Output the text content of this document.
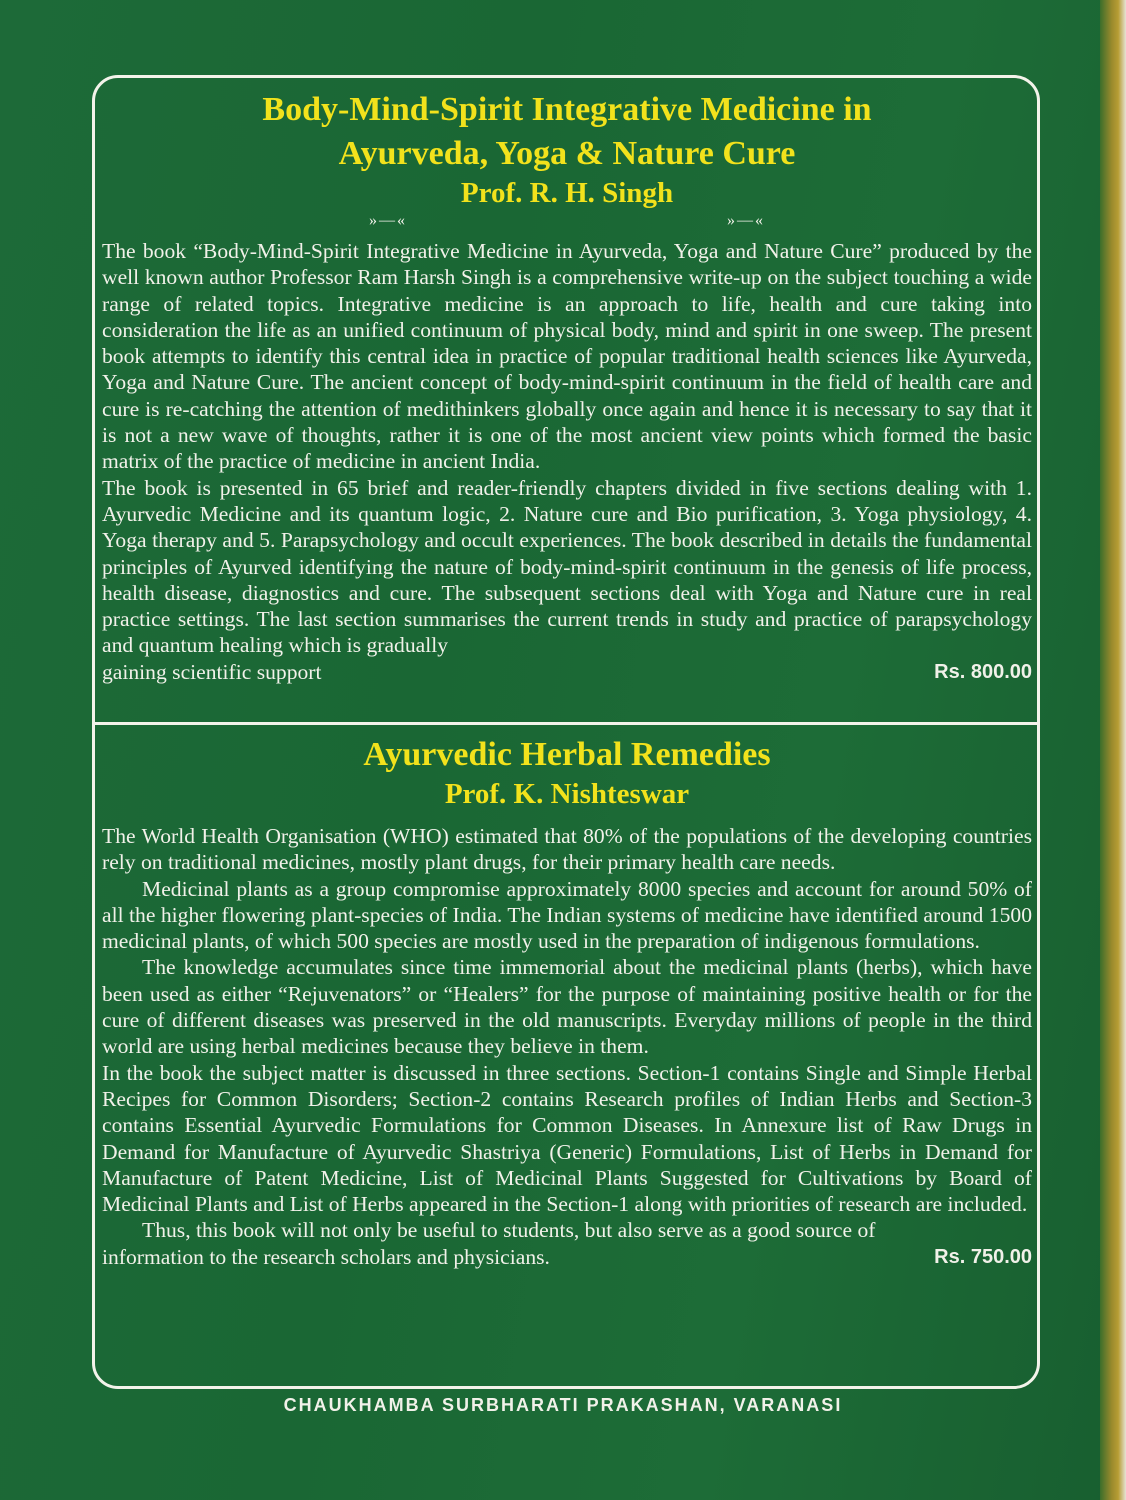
Body-Mind-Spirit Integrative Medicine in

Ayurveda, Yoga & Nature Cure

Prof. R. H. Singh

»—«	»—«

The book “Body-Mind-Spirit Integrative Medicine in Ayurveda, Yoga and Nature Cure” produced by the well known author Professor Ram Harsh Singh is a comprehensive write-up on the subject touching a wide range of related topics. Integrative medicine is an approach to life, health and cure taking into consideration the life as an unified continuum of physical body, mind and spirit in one sweep. The present book attempts to identify this central idea in practice of popular traditional health sciences like Ayurveda, Yoga and Nature Cure. The ancient concept of body-mind-spirit continuum in the field of health care and cure is re-catching the attention of medithinkers globally once again and hence it is necessary to say that it is not a new wave of thoughts, rather it is one of the most ancient view points which formed the basic matrix of the practice of medicine in ancient India.

The book is presented in 65 brief and reader-friendly chapters divided in five sections dealing with 1. Ayurvedic Medicine and its quantum logic, 2. Nature cure and Bio purification, 3. Yoga physiology, 4. Yoga therapy and 5. Parapsychology and occult experiences. The book described in details the fundamental principles of Ayurved identifying the nature of body-mind-spirit continuum in the genesis of life process, health disease, diagnostics and cure. The subsequent sections deal with Yoga and Nature cure in real practice settings. The last section summarises the current trends in study and practice of parapsychology and quantum healing which is gradually

gaining scientific support	Rs. 800.00

Ayurvedic Herbal Remedies

Prof. K. Nishteswar

The World Health Organisation (WHO) estimated that 80% of the populations of the developing countries rely on traditional medicines, mostly plant drugs, for their primary health care needs.

Medicinal plants as a group compromise approximately 8000 species and account for around 50% of all the higher flowering plant-species of India. The Indian systems of medicine have identified around 1500 medicinal plants, of which 500 species are mostly used in the preparation of indigenous formulations.

The knowledge accumulates since time immemorial about the medicinal plants (herbs), which have been used as either “Rejuvenators” or “Healers” for the purpose of maintaining positive health or for the cure of different diseases was preserved in the old manuscripts. Everyday millions of people in the third world are using herbal medicines because they believe in them.

In the book the subject matter is discussed in three sections. Section-1 contains Single and Simple Herbal Recipes for Common Disorders; Section-2 contains Research profiles of Indian Herbs and Section-3 contains Essential Ayurvedic Formulations for Common Diseases. In Annexure list of Raw Drugs in Demand for Manufacture of Ayurvedic Shastriya (Generic) Formulations, List of Herbs in Demand for Manufacture of Patent Medicine, List of Medicinal Plants Suggested for Cultivations by Board of Medicinal Plants and List of Herbs appeared in the Section-1 along with priorities of research are included.

Thus, this book will not only be useful to students, but also serve as a good source of

information to the research scholars and physicians.	Rs. 750.00
CHAUKHAMBA SURBHARATI PRAKASHAN, VARANASI
